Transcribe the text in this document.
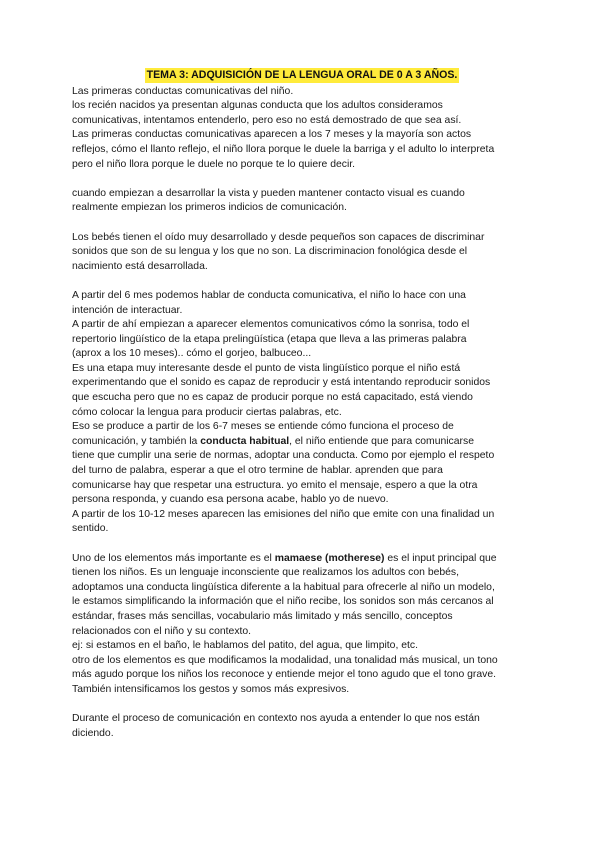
TEMA 3: ADQUISICIÓN DE LA LENGUA ORAL DE 0 A 3 AÑOS.
Las primeras conductas comunicativas del niño.
los recién nacidos ya presentan algunas conducta que los adultos consideramos
comunicativas, intentamos entenderlo, pero eso no está demostrado de que sea así.
Las primeras conductas comunicativas aparecen a los 7 meses y la mayoría son actos
reflejos, cómo el llanto reflejo, el niño llora porque le duele la barriga y el adulto lo interpreta
pero el niño llora porque le duele no porque te lo quiere decir.
cuando empiezan a desarrollar la vista y pueden mantener contacto visual es cuando
realmente empiezan los primeros indicios de comunicación.
Los bebés tienen el oído muy desarrollado y desde pequeños son capaces de discriminar
sonidos que son de su lengua y los que no son. La discriminacion fonológica desde el
nacimiento está desarrollada.
A partir del 6 mes podemos hablar de conducta comunicativa, el niño lo hace con una
intención de interactuar.
A partir de ahí empiezan a aparecer elementos comunicativos cómo la sonrisa, todo el
repertorio lingüístico de la etapa prelingüística (etapa que lleva a las primeras palabra
(aprox a los 10 meses).. cómo el gorjeo, balbuceo...
Es una etapa muy interesante desde el punto de vista lingüístico porque el niño está
experimentando que el sonido es capaz de reproducir y está intentando reproducir sonidos
que escucha pero que no es capaz de producir porque no está capacitado, está viendo
cómo colocar la lengua para producir ciertas palabras, etc.
Eso se produce a partir de los 6-7 meses se entiende cómo funciona el proceso de
comunicación, y también la conducta habitual, el niño entiende que para comunicarse
tiene que cumplir una serie de normas, adoptar una conducta. Como por ejemplo el respeto
del turno de palabra, esperar a que el otro termine de hablar. aprenden que para
comunicarse hay que respetar una estructura. yo emito el mensaje, espero a que la otra
persona responda, y cuando esa persona acabe, hablo yo de nuevo.
A partir de los 10-12 meses aparecen las emisiones del niño que emite con una finalidad un
sentido.
Uno de los elementos más importante es el mamaese (motherese) es el input principal que
tienen los niños. Es un lenguaje inconsciente que realizamos los adultos con bebés,
adoptamos una conducta lingüística diferente a la habitual para ofrecerle al niño un modelo,
le estamos simplificando la información que el niño recibe, los sonidos son más cercanos al
estándar, frases más sencillas, vocabulario más limitado y más sencillo, conceptos
relacionados con el niño y su contexto.
ej: si estamos en el baño, le hablamos del patito, del agua, que limpito, etc.
otro de los elementos es que modificamos la modalidad, una tonalidad más musical, un tono
más agudo porque los niños los reconoce y entiende mejor el tono agudo que el tono grave.
También intensificamos los gestos y somos más expresivos.
Durante el proceso de comunicación en contexto nos ayuda a entender lo que nos están
diciendo.
